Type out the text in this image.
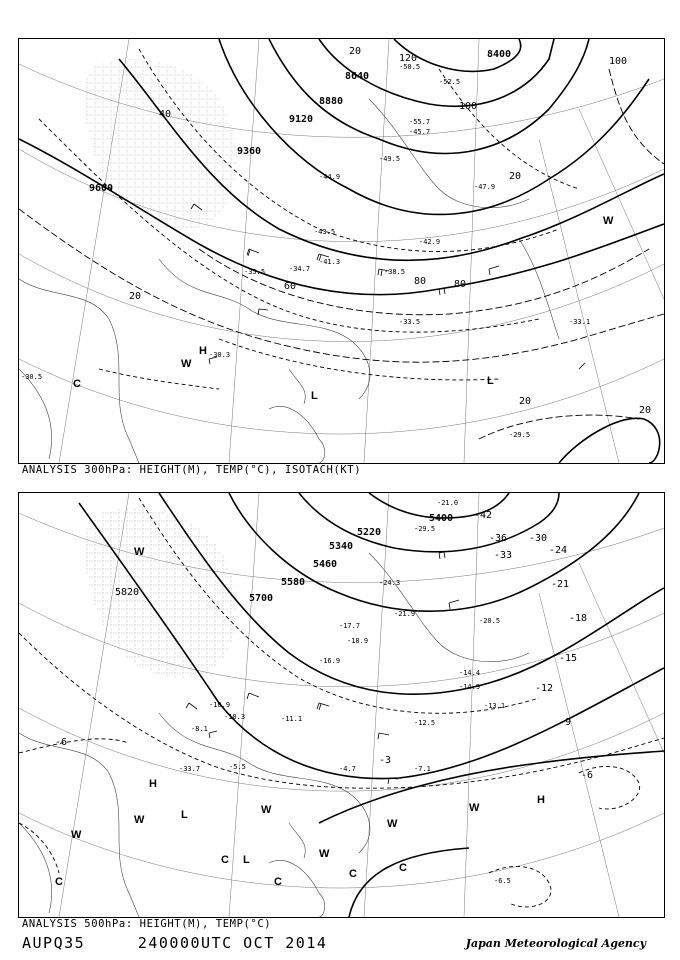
8400
8640
8880
9120
9360
9600
20
40
60	80
100
120
20
20
20
20
80
100
-52.5
-50.5
-47.9
-45.7
-44.9
-43.5
-41.3
-38.5
-35.5	-34.7
-33.5	-33.1
-30.5
-30.3
-29.5
-55.7
-49.5
-42.9
H
L
L
W
W
C
ANALYSIS 300hPa: HEIGHT(M), TEMP(°C), ISOTACH(KT)
5400
5220
5340
5460
5580
5700
5820
-42
-36
-33
-30
-24
-21
-18
-15
-12
-9
-6
-6
-3
-29.5
-24.3
-21.9
-20.5
-18.9
-17.7
-16.9
-14.9
-13.1
-12.5
-11.1
-10.9
-10.3
-8.1
-7.1
-6.5
-5.5	-4.7
-33.7
-21.0
-14.4
H
H
L
L
W
W
W
W
W
W
W
C
C
C
C	C
ANALYSIS 500hPa: HEIGHT(M), TEMP(°C)
AUPQ35	240000UTC OCT 2014	Japan Meteorological Agency
